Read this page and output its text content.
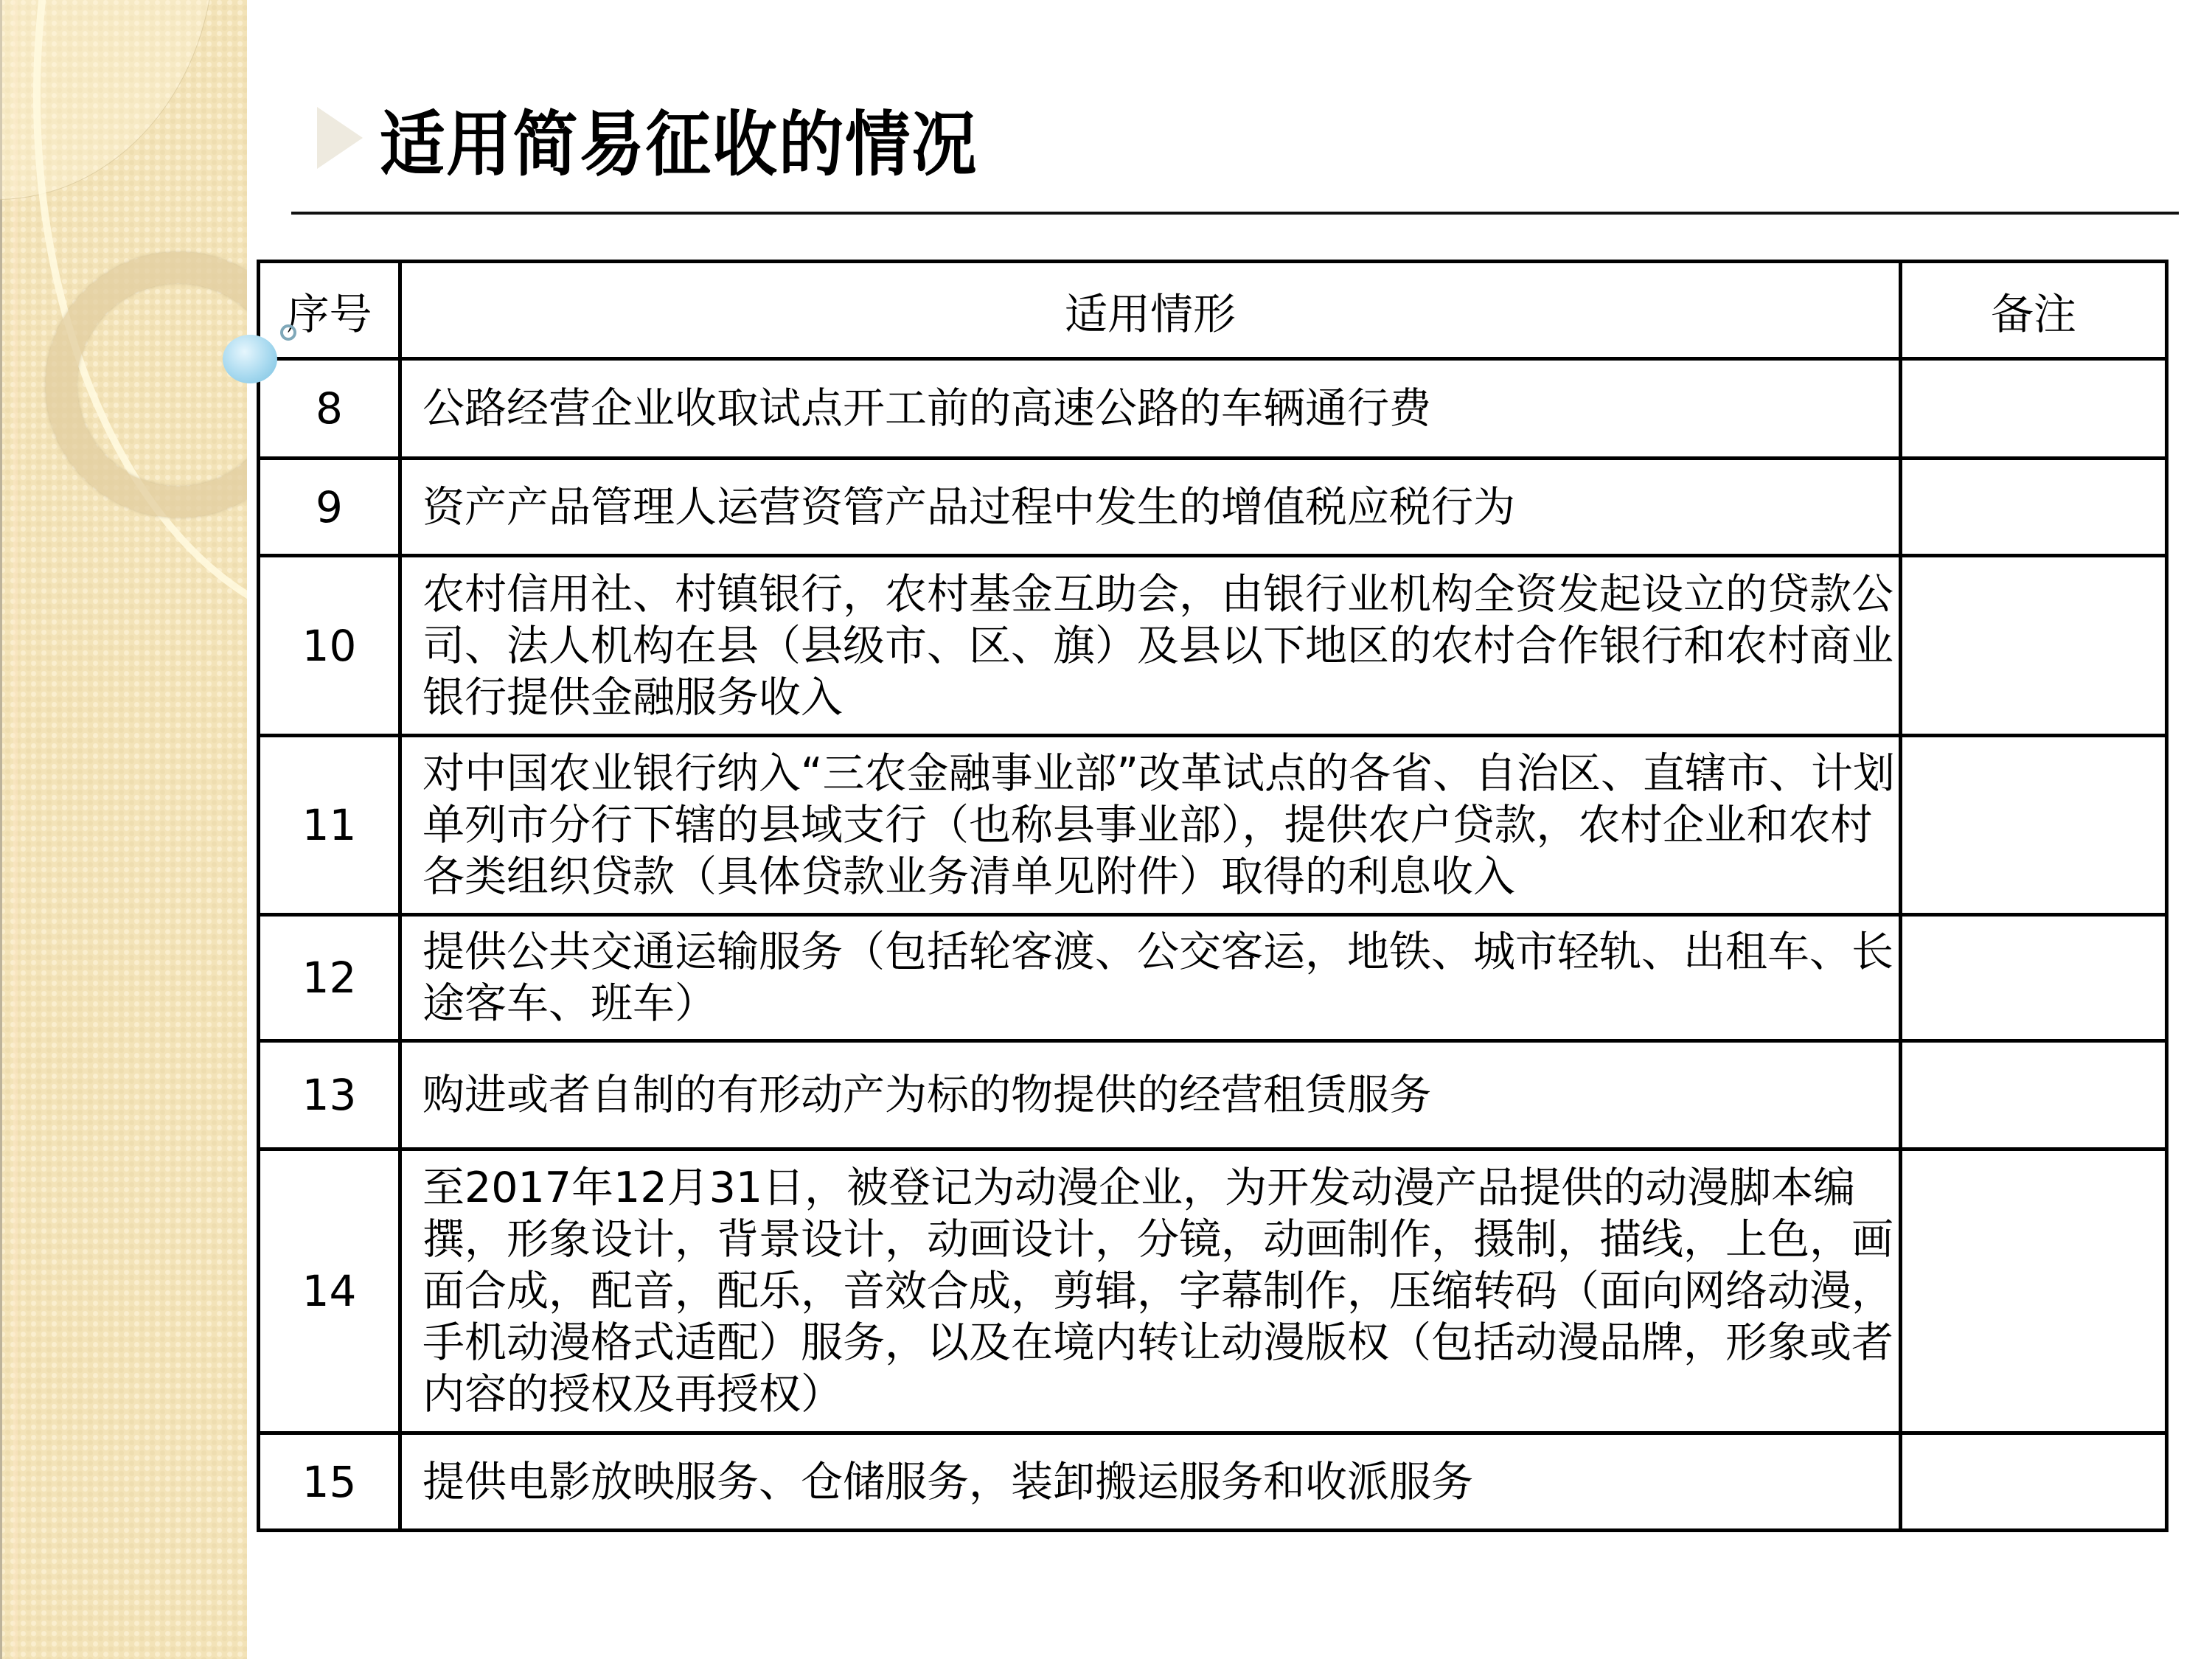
适用简易征收的情况
序号	适用情形	备注
8	公路经营企业收取试点开工前的高速公路的车辆通行费	
9	资产产品管理人运营资管产品过程中发生的增值税应税行为	
10	农村信用社、村镇银行，农村基金互助会，由银行业机构全资发起设立的贷款公司、法人机构在县（县级市、区、旗）及县以下地区的农村合作银行和农村商业银行提供金融服务收入	
11	对中国农业银行纳入“三农金融事业部”改革试点的各省、自治区、直辖市、计划单列市分行下辖的县域支行（也称县事业部），提供农户贷款，农村企业和农村各类组织贷款（具体贷款业务清单见附件）取得的利息收入	
12	提供公共交通运输服务（包括轮客渡、公交客运，地铁、城市轻轨、出租车、长途客车、班车）	
13	购进或者自制的有形动产为标的物提供的经营租赁服务	
14	至2017年12月31日，被登记为动漫企业，为开发动漫产品提供的动漫脚本编撰，形象设计，背景设计，动画设计，分镜，动画制作，摄制，描线，上色，画面合成，配音，配乐，音效合成，剪辑，字幕制作，压缩转码（面向网络动漫，手机动漫格式适配）服务，以及在境内转让动漫版权（包括动漫品牌，形象或者内容的授权及再授权）	
15	提供电影放映服务、仓储服务，装卸搬运服务和收派服务	
